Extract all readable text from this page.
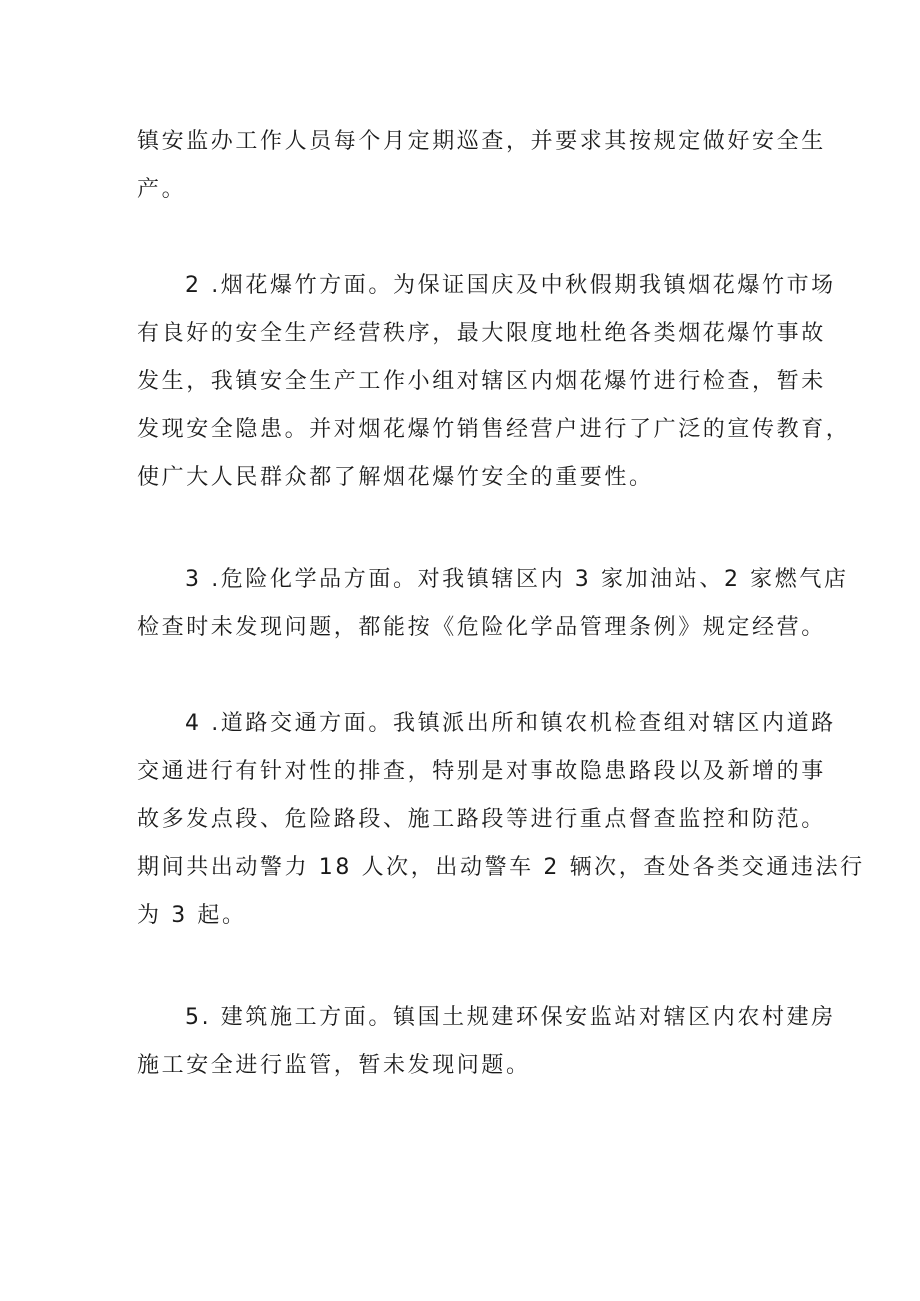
镇安监办工作人员每个月定期巡查，并要求其按规定做好安全生
产。
2 .烟花爆竹方面。为保证国庆及中秋假期我镇烟花爆竹市场
有良好的安全生产经营秩序，最大限度地杜绝各类烟花爆竹事故
发生，我镇安全生产工作小组对辖区内烟花爆竹进行检查，暂未
发现安全隐患。并对烟花爆竹销售经营户进行了广泛的宣传教育，
使广大人民群众都了解烟花爆竹安全的重要性。
3 .危险化学品方面。对我镇辖区内 3 家加油站、2 家燃气店
检查时未发现问题，都能按《危险化学品管理条例》规定经营。
4 .道路交通方面。我镇派出所和镇农机检查组对辖区内道路
交通进行有针对性的排查，特别是对事故隐患路段以及新增的事
故多发点段、危险路段、施工路段等进行重点督查监控和防范。
期间共出动警力 18 人次，出动警车 2 辆次，查处各类交通违法行
为 3 起。
5. 建筑施工方面。镇国土规建环保安监站对辖区内农村建房
施工安全进行监管，暂未发现问题。
